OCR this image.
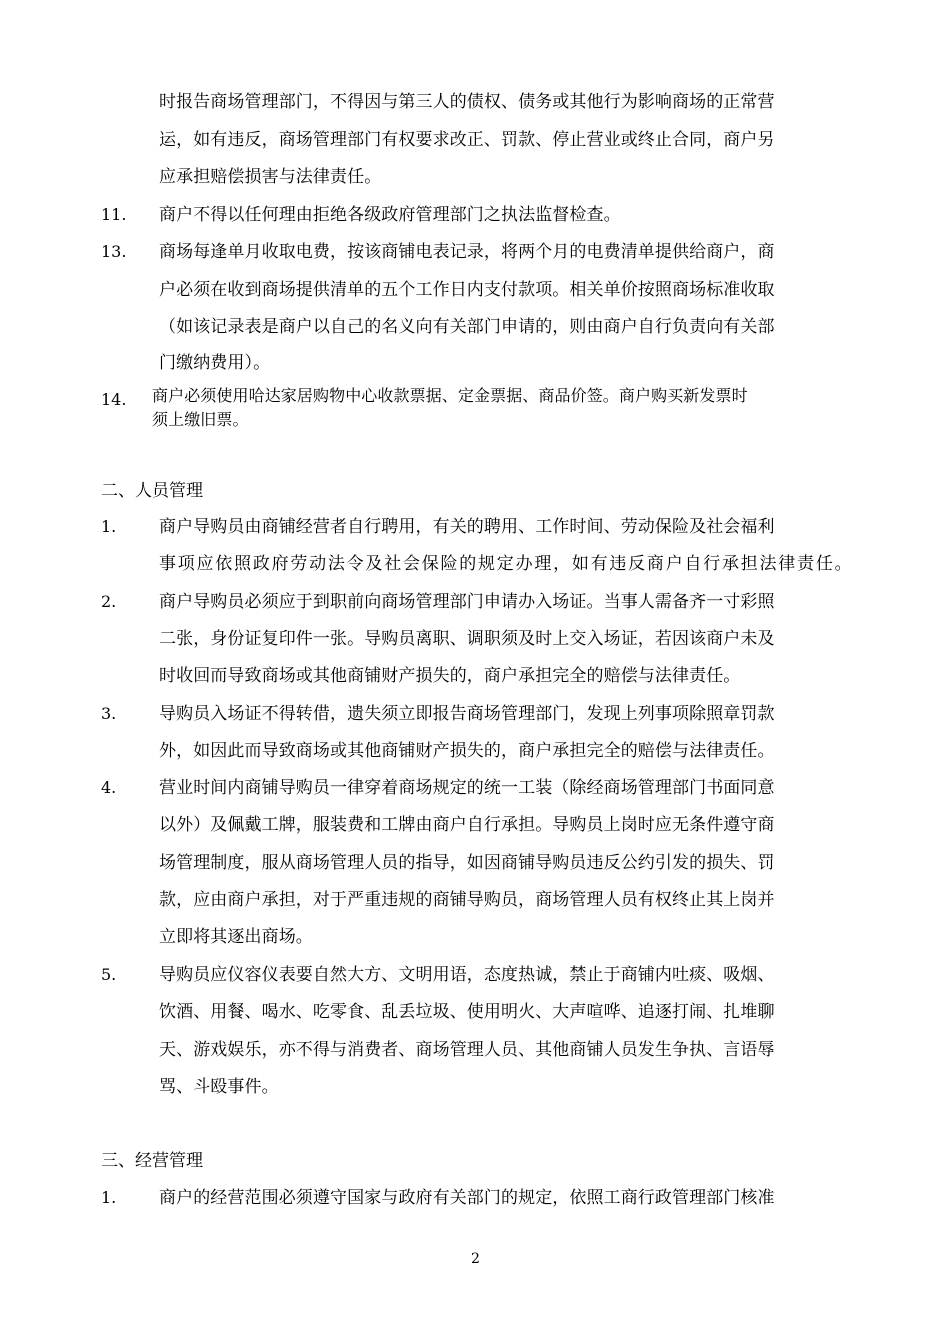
时报告商场管理部门，不得因与第三人的债权、债务或其他行为影响商场的正常营
运，如有违反，商场管理部门有权要求改正、罚款、停止营业或终止合同，商户另
应承担赔偿损害与法律责任。
11. 商户不得以任何理由拒绝各级政府管理部门之执法监督检查。
13. 商场每逢单月收取电费，按该商铺电表记录，将两个月的电费清单提供给商户，商
户必须在收到商场提供清单的五个工作日内支付款项。相关单价按照商场标准收取
（如该记录表是商户以自己的名义向有关部门申请的，则由商户自行负责向有关部
门缴纳费用）。
14. 商户必须使用哈达家居购物中心收款票据、定金票据、商品价签。商户购买新发票时
须上缴旧票。
二、人员管理
1.	商户导购员由商铺经营者自行聘用，有关的聘用、工作时间、劳动保险及社会福利
事项应依照政府劳动法令及社会保险的规定办理，如有违反商户自行承担法律责任。
2.	商户导购员必须应于到职前向商场管理部门申请办入场证。当事人需备齐一寸彩照
二张，身份证复印件一张。导购员离职、调职须及时上交入场证，若因该商户未及
时收回而导致商场或其他商铺财产损失的，商户承担完全的赔偿与法律责任。
3.	导购员入场证不得转借，遗失须立即报告商场管理部门，发现上列事项除照章罚款
外，如因此而导致商场或其他商铺财产损失的，商户承担完全的赔偿与法律责任。
4.	营业时间内商铺导购员一律穿着商场规定的统一工装（除经商场管理部门书面同意
以外）及佩戴工牌，服装费和工牌由商户自行承担。导购员上岗时应无条件遵守商
场管理制度，服从商场管理人员的指导，如因商铺导购员违反公约引发的损失、罚
款，应由商户承担，对于严重违规的商铺导购员，商场管理人员有权终止其上岗并
立即将其逐出商场。
5.	导购员应仪容仪表要自然大方、文明用语，态度热诚，禁止于商铺内吐痰、吸烟、
饮酒、用餐、喝水、吃零食、乱丢垃圾、使用明火、大声喧哗、追逐打闹、扎堆聊
天、游戏娱乐，亦不得与消费者、商场管理人员、其他商铺人员发生争执、言语辱
骂、斗殴事件。
三、经营管理
1.	商户的经营范围必须遵守国家与政府有关部门的规定，依照工商行政管理部门核准
2
